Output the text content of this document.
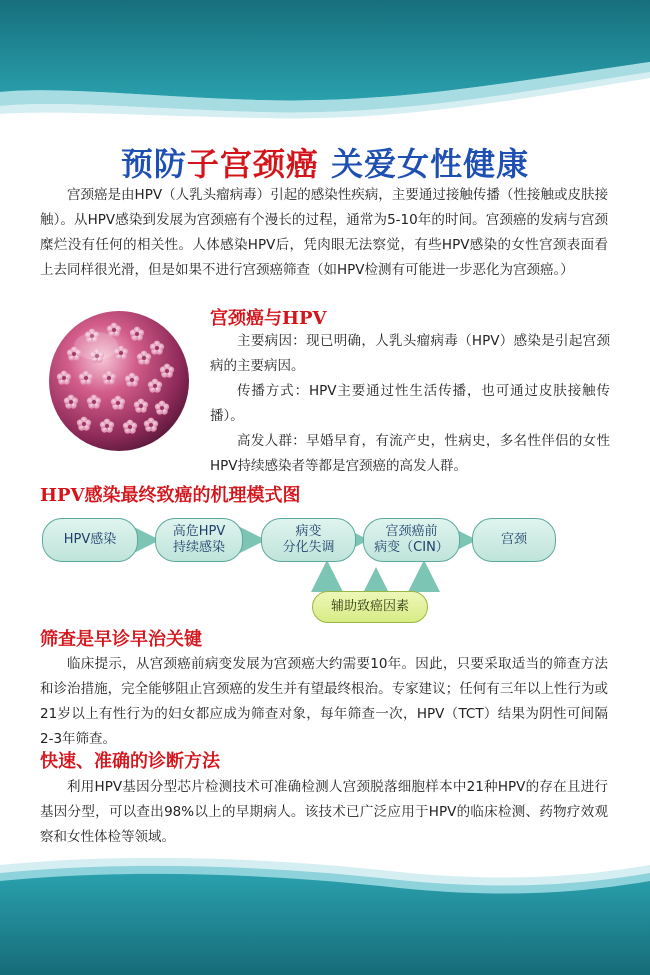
预防子宫颈癌 关爱女性健康
宫颈癌是由HPV（人乳头瘤病毒）引起的感染性疾病，主要通过接触传播（性接触或皮肤接触）。从HPV感染到发展为宫颈癌有个漫长的过程，通常为5-10年的时间。宫颈癌的发病与宫颈糜烂没有任何的相关性。人体感染HPV后，凭肉眼无法察觉，有些HPV感染的女性宫颈表面看上去同样很光滑，但是如果不进行宫颈癌筛查（如HPV检测有可能进一步恶化为宫颈癌。）
宫颈癌与HPV
主要病因：现已明确，人乳头瘤病毒（HPV）感染是引起宫颈病的主要病因。
传播方式：HPV主要通过性生活传播，也可通过皮肤接触传播）。
高发人群：早婚早育，有流产史，性病史，多名性伴侣的女性HPV持续感染者等都是宫颈癌的高发人群。
HPV感染最终致癌的机理模式图
HPV感染
高危HPV
持续感染
病变
分化失调
宫颈癌前
病变（CIN）
宫颈
辅助致癌因素
筛查是早诊早治关键
临床提示，从宫颈癌前病变发展为宫颈癌大约需要10年。因此，只要采取适当的筛查方法和诊治措施，完全能够阻止宫颈癌的发生并有望最终根治。专家建议；任何有三年以上性行为或21岁以上有性行为的妇女都应成为筛查对象，每年筛查一次，HPV（TCT）结果为阴性可间隔2-3年筛查。
快速、准确的诊断方法
利用HPV基因分型芯片检测技术可准确检测人宫颈脱落细胞样本中21种HPV的存在且进行基因分型，可以查出98%以上的早期病人。该技术已广泛应用于HPV的临床检测、药物疗效观察和女性体检等领域。
